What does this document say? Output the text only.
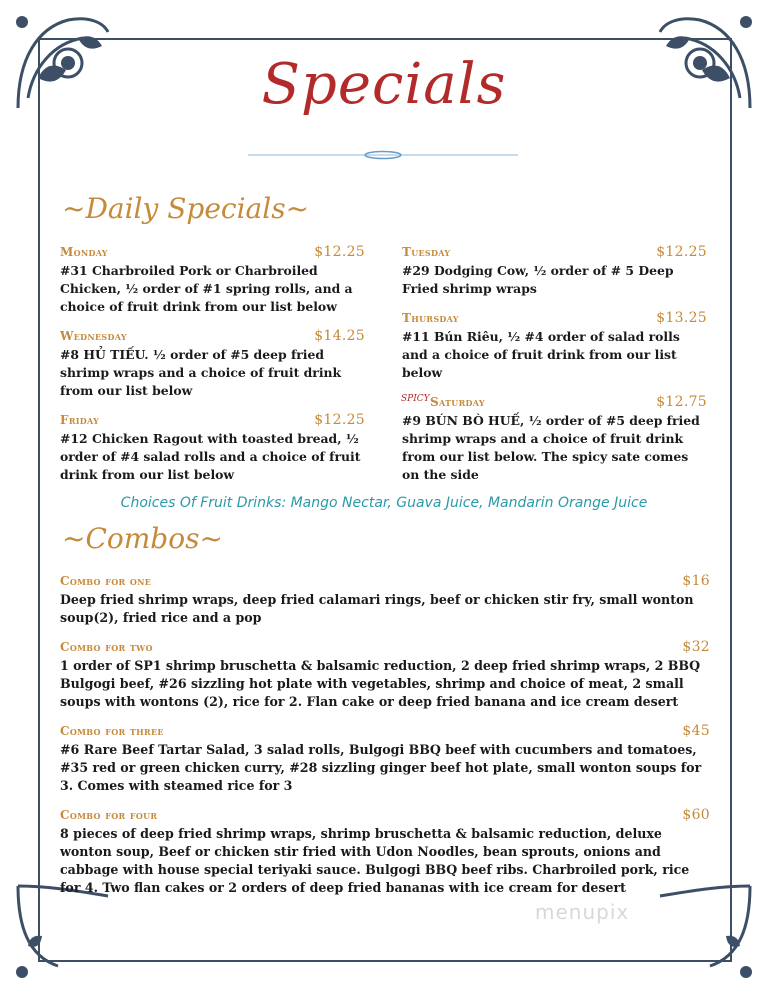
Specials
~Daily Specials~
Monday	$12.25
#31 Charbroiled Pork or Charbroiled Chicken, ½ order of #1 spring rolls, and a choice of fruit drink from our list below
Wednesday	$14.25
#8 HỦ TIẾU. ½ order of #5 deep fried shrimp wraps and a choice of fruit drink from our list below
Friday	$12.25
#12 Chicken Ragout with toasted bread, ½ order of #4 salad rolls and a choice of fruit drink from our list below
Tuesday	$12.25
#29 Dodging Cow, ½ order of # 5 Deep Fried shrimp wraps
Thursday	$13.25
#11 Bún Riêu, ½ #4 order of salad rolls and a choice of fruit drink from our list below
SPICY Saturday	$12.75
#9 BÚN BÒ HUẾ, ½ order of #5 deep fried shrimp wraps and a choice of fruit drink from our list below. The spicy sate comes on the side
Choices Of Fruit Drinks: Mango Nectar, Guava Juice, Mandarin Orange Juice
~Combos~
Combo for one	$16
Deep fried shrimp wraps, deep fried calamari rings, beef or chicken stir fry, small wonton soup(2), fried rice and a pop
Combo for two	$32
1 order of SP1 shrimp bruschetta & balsamic reduction, 2 deep fried shrimp wraps, 2 BBQ Bulgogi beef, #26 sizzling hot plate with vegetables, shrimp and choice of meat, 2 small soups with wontons (2), rice for 2. Flan cake or deep fried banana and ice cream desert
Combo for three	$45
#6 Rare Beef Tartar Salad, 3 salad rolls, Bulgogi BBQ beef with cucumbers and tomatoes, #35 red or green chicken curry, #28 sizzling ginger beef hot plate, small wonton soups for 3. Comes with steamed rice for 3
Combo for four	$60
8 pieces of deep fried shrimp wraps, shrimp bruschetta & balsamic reduction, deluxe wonton soup, Beef or chicken stir fried with Udon Noodles, bean sprouts, onions and cabbage with house special teriyaki sauce. Bulgogi BBQ beef ribs. Charbroiled pork, rice for 4. Two flan cakes or 2 orders of deep fried bananas with ice cream for desert
menupix
